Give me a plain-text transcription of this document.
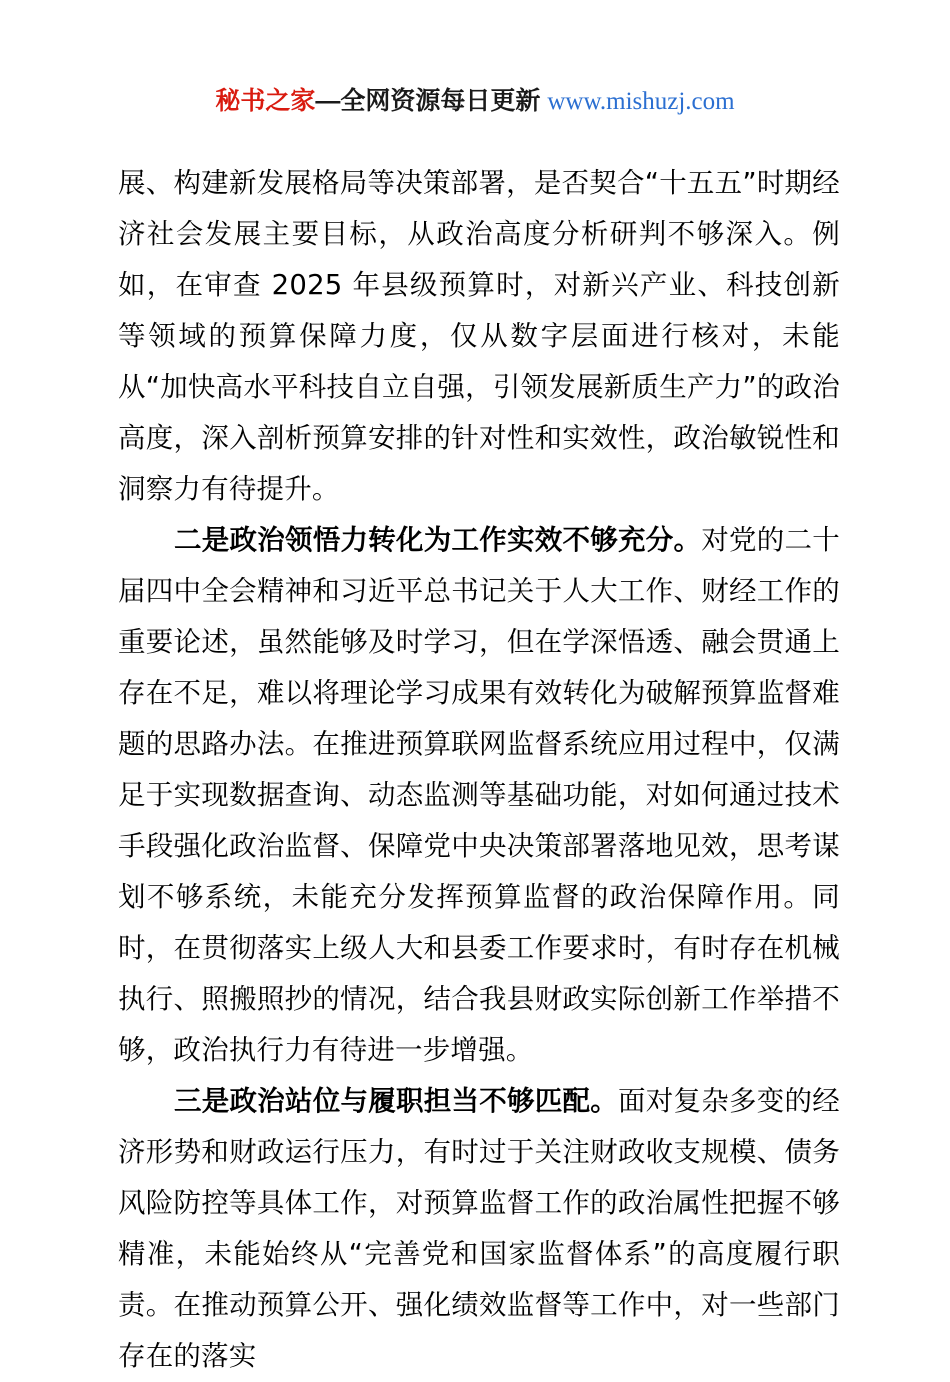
秘书之家—全网资源每日更新 www.mishuzj.com

展、构建新发展格局等决策部署，是否契合“十五五”时期经济社会发展主要目标，从政治高度分析研判不够深入。例如，在审查 2025 年县级预算时，对新兴产业、科技创新等领域的预算保障力度，仅从数字层面进行核对，未能从“加快高水平科技自立自强，引领发展新质生产力”的政治高度，深入剖析预算安排的针对性和实效性，政治敏锐性和洞察力有待提升。

二是政治领悟力转化为工作实效不够充分。对党的二十届四中全会精神和习近平总书记关于人大工作、财经工作的重要论述，虽然能够及时学习，但在学深悟透、融会贯通上存在不足，难以将理论学习成果有效转化为破解预算监督难题的思路办法。在推进预算联网监督系统应用过程中，仅满足于实现数据查询、动态监测等基础功能，对如何通过技术手段强化政治监督、保障党中央决策部署落地见效，思考谋划不够系统，未能充分发挥预算监督的政治保障作用。同时，在贯彻落实上级人大和县委工作要求时，有时存在机械执行、照搬照抄的情况，结合我县财政实际创新工作举措不够，政治执行力有待进一步增强。

三是政治站位与履职担当不够匹配。面对复杂多变的经济形势和财政运行压力，有时过于关注财政收支规模、债务风险防控等具体工作，对预算监督工作的政治属性把握不够精准，未能始终从“完善党和国家监督体系”的高度履行职责。在推动预算公开、强化绩效监督等工作中，对一些部门存在的落实
